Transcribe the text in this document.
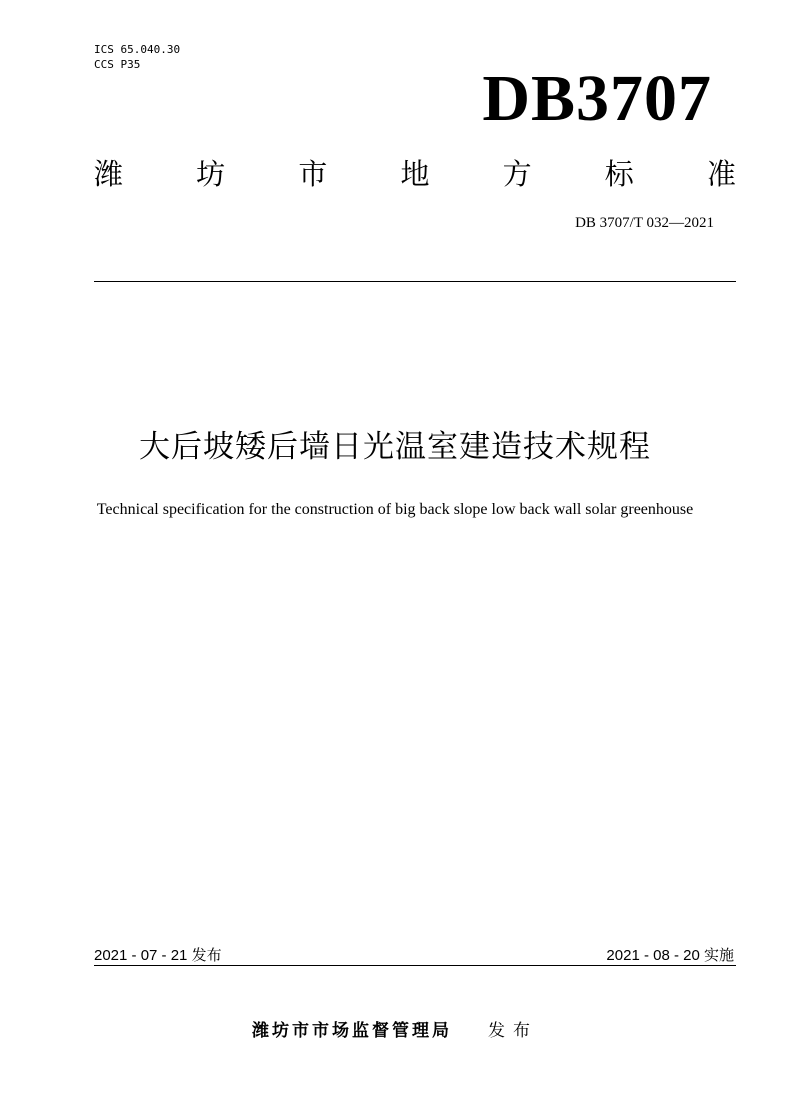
ICS 65.040.30
CCS P35	DB3707
潍	坊	市	地	方	标	准
DB 3707/T 032—2021
大后坡矮后墙日光温室建造技术规程
Technical specification for the construction of big back slope low back wall solar greenhouse
2021 - 07 - 21 发布	2021 - 08 - 20 实施
潍坊市市场监督管理局 发布
